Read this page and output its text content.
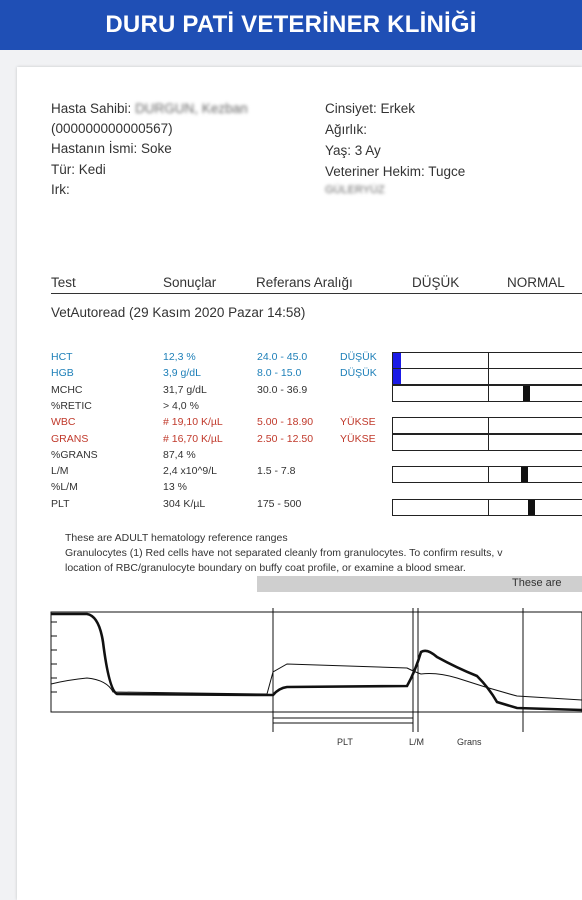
DURU PATİ VETERİNER KLİNİĞİ
Hasta Sahibi: DURGUN, Kezban
(000000000000567)
Hastanın İsmi: Soke
Tür: Kedi
Irk:
Cinsiyet: Erkek
Ağırlık:
Yaş: 3 Ay
Veteriner Hekim: Tugce
GÜLERYÜZ
Test	Sonuçlar	Referans Aralığı	DÜŞÜK	NORMAL
VetAutoread (29 Kasım 2020 Pazar 14:58)
HCT	12,3 %	24.0 - 45.0	DÜŞÜK
HGB	3,9 g/dL	8.0 - 15.0	DÜŞÜK
MCHC	31,7 g/dL	30.0 - 36.9
%RETIC	> 4,0 %
WBC	# 19,10 K/µL	5.00 - 18.90	YÜKSE
GRANS	# 16,70 K/µL	2.50 - 12.50	YÜKSE
%GRANS	87,4 %
L/M	2,4 x10^9/L	1.5 - 7.8
%L/M	13 %
PLT	304 K/µL	175 - 500
These are ADULT hematology reference ranges
Granulocytes (1) Red cells have not separated cleanly from granulocytes. To confirm results, v
location of RBC/granulocyte boundary on buffy coat profile, or examine a blood smear.
These are
PLT	L/M	Grans
